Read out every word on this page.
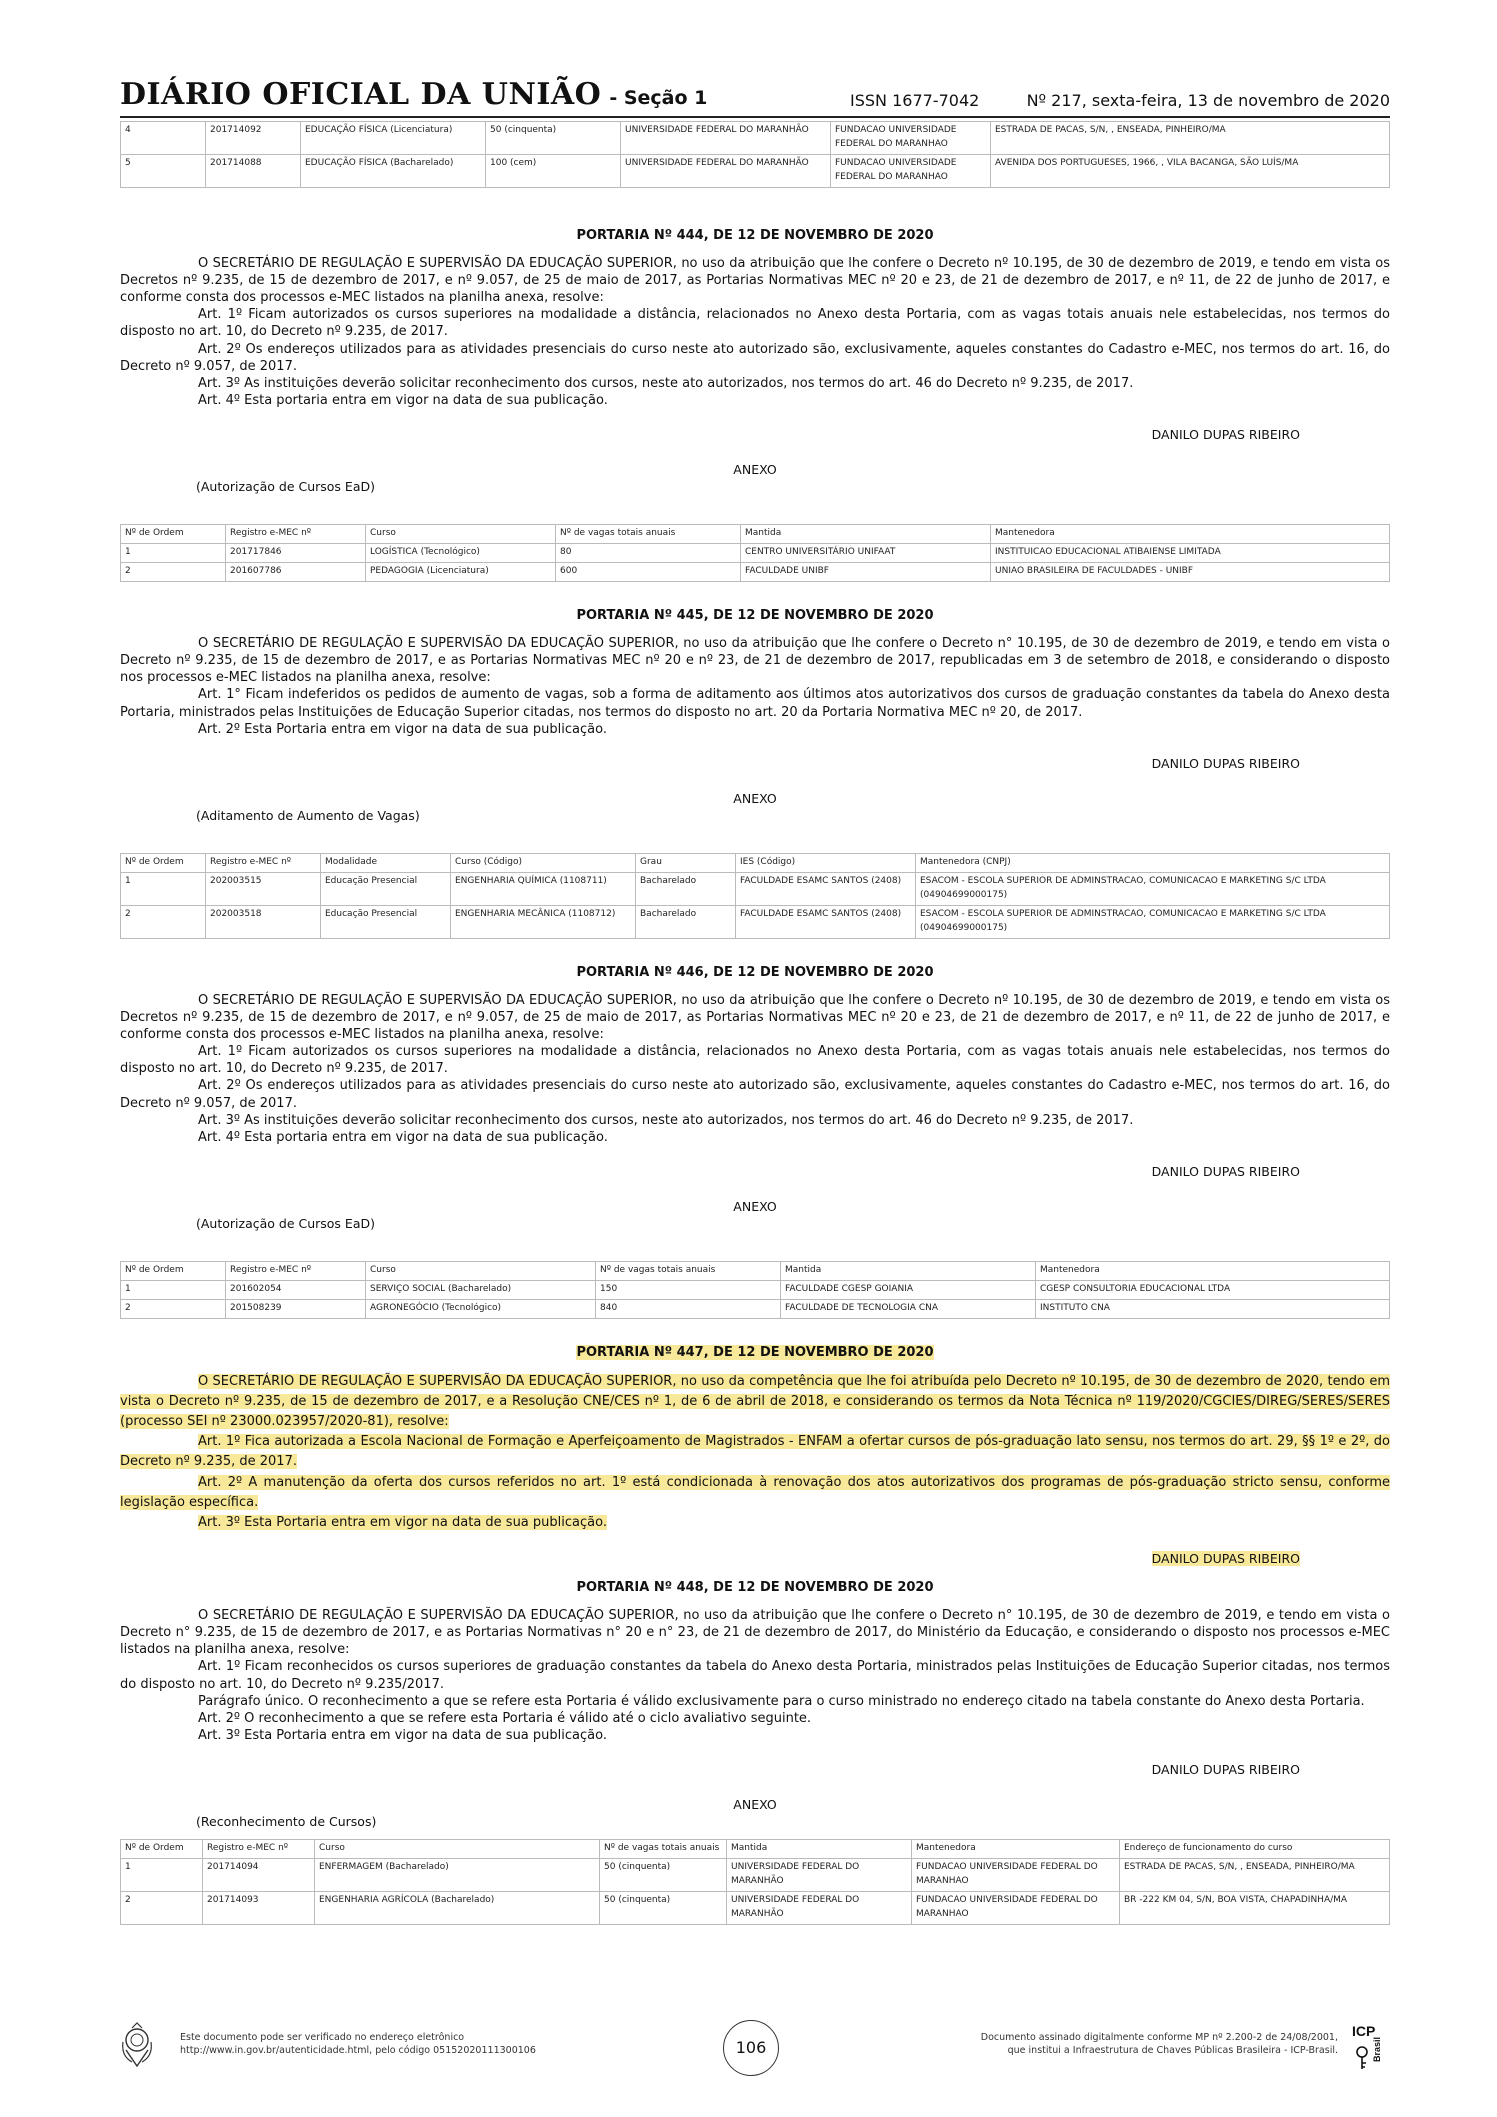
DIÁRIO OFICIAL DA UNIÃO - Seção 1	ISSN 1677-7042	Nº 217, sexta-feira, 13 de novembro de 2020
4	201714092	EDUCAÇÃO FÍSICA (Licenciatura)	50 (cinquenta)	UNIVERSIDADE FEDERAL DO MARANHÃO	FUNDACAO UNIVERSIDADE FEDERAL DO MARANHAO	ESTRADA DE PACAS, S/N, , ENSEADA, PINHEIRO/MA
5	201714088	EDUCAÇÃO FÍSICA (Bacharelado)	100 (cem)	UNIVERSIDADE FEDERAL DO MARANHÃO	FUNDACAO UNIVERSIDADE FEDERAL DO MARANHAO	AVENIDA DOS PORTUGUESES, 1966, , VILA BACANGA, SÃO LUÍS/MA
PORTARIA Nº 444, DE 12 DE NOVEMBRO DE 2020

O SECRETÁRIO DE REGULAÇÃO E SUPERVISÃO DA EDUCAÇÃO SUPERIOR, no uso da atribuição que lhe confere o Decreto nº 10.195, de 30 de dezembro de 2019, e tendo em vista os Decretos nº 9.235, de 15 de dezembro de 2017, e nº 9.057, de 25 de maio de 2017, as Portarias Normativas MEC nº 20 e 23, de 21 de dezembro de 2017, e nº 11, de 22 de junho de 2017, e conforme consta dos processos e-MEC listados na planilha anexa, resolve:

Art. 1º Ficam autorizados os cursos superiores na modalidade a distância, relacionados no Anexo desta Portaria, com as vagas totais anuais nele estabelecidas, nos termos do disposto no art. 10, do Decreto nº 9.235, de 2017.

Art. 2º Os endereços utilizados para as atividades presenciais do curso neste ato autorizado são, exclusivamente, aqueles constantes do Cadastro e-MEC, nos termos do art. 16, do Decreto nº 9.057, de 2017.

Art. 3º As instituições deverão solicitar reconhecimento dos cursos, neste ato autorizados, nos termos do art. 46 do Decreto nº 9.235, de 2017.

Art. 4º Esta portaria entra em vigor na data de sua publicação.

DANILO DUPAS RIBEIRO
ANEXO
(Autorização de Cursos EaD)
Nº de Ordem	Registro e-MEC nº	Curso	Nº de vagas totais anuais	Mantida	Mantenedora
1	201717846	LOGÍSTICA (Tecnológico)	80	CENTRO UNIVERSITÁRIO UNIFAAT	INSTITUICAO EDUCACIONAL ATIBAIENSE LIMITADA
2	201607786	PEDAGOGIA (Licenciatura)	600	FACULDADE UNIBF	UNIAO BRASILEIRA DE FACULDADES - UNIBF
PORTARIA Nº 445, DE 12 DE NOVEMBRO DE 2020

O SECRETÁRIO DE REGULAÇÃO E SUPERVISÃO DA EDUCAÇÃO SUPERIOR, no uso da atribuição que lhe confere o Decreto n° 10.195, de 30 de dezembro de 2019, e tendo em vista o Decreto nº 9.235, de 15 de dezembro de 2017, e as Portarias Normativas MEC nº 20 e nº 23, de 21 de dezembro de 2017, republicadas em 3 de setembro de 2018, e considerando o disposto nos processos e-MEC listados na planilha anexa, resolve:

Art. 1° Ficam indeferidos os pedidos de aumento de vagas, sob a forma de aditamento aos últimos atos autorizativos dos cursos de graduação constantes da tabela do Anexo desta Portaria, ministrados pelas Instituições de Educação Superior citadas, nos termos do disposto no art. 20 da Portaria Normativa MEC nº 20, de 2017.

Art. 2º Esta Portaria entra em vigor na data de sua publicação.

DANILO DUPAS RIBEIRO
ANEXO
(Aditamento de Aumento de Vagas)
Nº de Ordem	Registro e-MEC nº	Modalidade	Curso (Código)	Grau	IES (Código)	Mantenedora (CNPJ)
1	202003515	Educação Presencial	ENGENHARIA QUÍMICA (1108711)	Bacharelado	FACULDADE ESAMC SANTOS (2408)	ESACOM - ESCOLA SUPERIOR DE ADMINSTRACAO, COMUNICACAO E MARKETING S/C LTDA (04904699000175)
2	202003518	Educação Presencial	ENGENHARIA MECÂNICA (1108712)	Bacharelado	FACULDADE ESAMC SANTOS (2408)	ESACOM - ESCOLA SUPERIOR DE ADMINSTRACAO, COMUNICACAO E MARKETING S/C LTDA (04904699000175)
PORTARIA Nº 446, DE 12 DE NOVEMBRO DE 2020

O SECRETÁRIO DE REGULAÇÃO E SUPERVISÃO DA EDUCAÇÃO SUPERIOR, no uso da atribuição que lhe confere o Decreto nº 10.195, de 30 de dezembro de 2019, e tendo em vista os Decretos nº 9.235, de 15 de dezembro de 2017, e nº 9.057, de 25 de maio de 2017, as Portarias Normativas MEC nº 20 e 23, de 21 de dezembro de 2017, e nº 11, de 22 de junho de 2017, e conforme consta dos processos e-MEC listados na planilha anexa, resolve:

Art. 1º Ficam autorizados os cursos superiores na modalidade a distância, relacionados no Anexo desta Portaria, com as vagas totais anuais nele estabelecidas, nos termos do disposto no art. 10, do Decreto nº 9.235, de 2017.

Art. 2º Os endereços utilizados para as atividades presenciais do curso neste ato autorizado são, exclusivamente, aqueles constantes do Cadastro e-MEC, nos termos do art. 16, do Decreto nº 9.057, de 2017.

Art. 3º As instituições deverão solicitar reconhecimento dos cursos, neste ato autorizados, nos termos do art. 46 do Decreto nº 9.235, de 2017.

Art. 4º Esta portaria entra em vigor na data de sua publicação.

DANILO DUPAS RIBEIRO
ANEXO
(Autorização de Cursos EaD)
Nº de Ordem	Registro e-MEC nº	Curso	Nº de vagas totais anuais	Mantida	Mantenedora
1	201602054	SERVIÇO SOCIAL (Bacharelado)	150	FACULDADE CGESP GOIANIA	CGESP CONSULTORIA EDUCACIONAL LTDA
2	201508239	AGRONEGÓCIO (Tecnológico)	840	FACULDADE DE TECNOLOGIA CNA	INSTITUTO CNA
PORTARIA Nº 447, DE 12 DE NOVEMBRO DE 2020

O SECRETÁRIO DE REGULAÇÃO E SUPERVISÃO DA EDUCAÇÃO SUPERIOR, no uso da competência que lhe foi atribuída pelo Decreto nº 10.195, de 30 de dezembro de 2020, tendo em vista o Decreto nº 9.235, de 15 de dezembro de 2017, e a Resolução CNE/CES nº 1, de 6 de abril de 2018, e considerando os termos da Nota Técnica nº 119/2020/CGCIES/DIREG/SERES/SERES (processo SEI nº 23000.023957/2020-81), resolve:

Art. 1º Fica autorizada a Escola Nacional de Formação e Aperfeiçoamento de Magistrados - ENFAM a ofertar cursos de pós-graduação lato sensu, nos termos do art. 29, §§ 1º e 2º, do Decreto nº 9.235, de 2017.

Art. 2º A manutenção da oferta dos cursos referidos no art. 1º está condicionada à renovação dos atos autorizativos dos programas de pós-graduação stricto sensu, conforme legislação específica.

Art. 3º Esta Portaria entra em vigor na data de sua publicação.

DANILO DUPAS RIBEIRO
PORTARIA Nº 448, DE 12 DE NOVEMBRO DE 2020

O SECRETÁRIO DE REGULAÇÃO E SUPERVISÃO DA EDUCAÇÃO SUPERIOR, no uso da atribuição que lhe confere o Decreto n° 10.195, de 30 de dezembro de 2019, e tendo em vista o Decreto n° 9.235, de 15 de dezembro de 2017, e as Portarias Normativas n° 20 e n° 23, de 21 de dezembro de 2017, do Ministério da Educação, e considerando o disposto nos processos e-MEC listados na planilha anexa, resolve:

Art. 1º Ficam reconhecidos os cursos superiores de graduação constantes da tabela do Anexo desta Portaria, ministrados pelas Instituições de Educação Superior citadas, nos termos do disposto no art. 10, do Decreto nº 9.235/2017.

Parágrafo único. O reconhecimento a que se refere esta Portaria é válido exclusivamente para o curso ministrado no endereço citado na tabela constante do Anexo desta Portaria.

Art. 2º O reconhecimento a que se refere esta Portaria é válido até o ciclo avaliativo seguinte.

Art. 3º Esta Portaria entra em vigor na data de sua publicação.

DANILO DUPAS RIBEIRO
ANEXO
(Reconhecimento de Cursos)
Nº de Ordem	Registro e-MEC nº	Curso	Nº de vagas totais anuais	Mantida	Mantenedora	Endereço de funcionamento do curso
1	201714094	ENFERMAGEM (Bacharelado)	50 (cinquenta)	UNIVERSIDADE FEDERAL DO MARANHÃO	FUNDACAO UNIVERSIDADE FEDERAL DO MARANHAO	ESTRADA DE PACAS, S/N, , ENSEADA, PINHEIRO/MA
2	201714093	ENGENHARIA AGRÍCOLA (Bacharelado)	50 (cinquenta)	UNIVERSIDADE FEDERAL DO MARANHÃO	FUNDACAO UNIVERSIDADE FEDERAL DO MARANHAO	BR -222 KM 04, S/N, BOA VISTA, CHAPADINHA/MA
Este documento pode ser verificado no endereço eletrônico
http://www.in.gov.br/autenticidade.html, pelo código 05152020111300106	106
Documento assinado digitalmente conforme MP nº 2.200-2 de 24/08/2001,
que institui a Infraestrutura de Chaves Públicas Brasileira - ICP-Brasil.
ICP
Brasil
